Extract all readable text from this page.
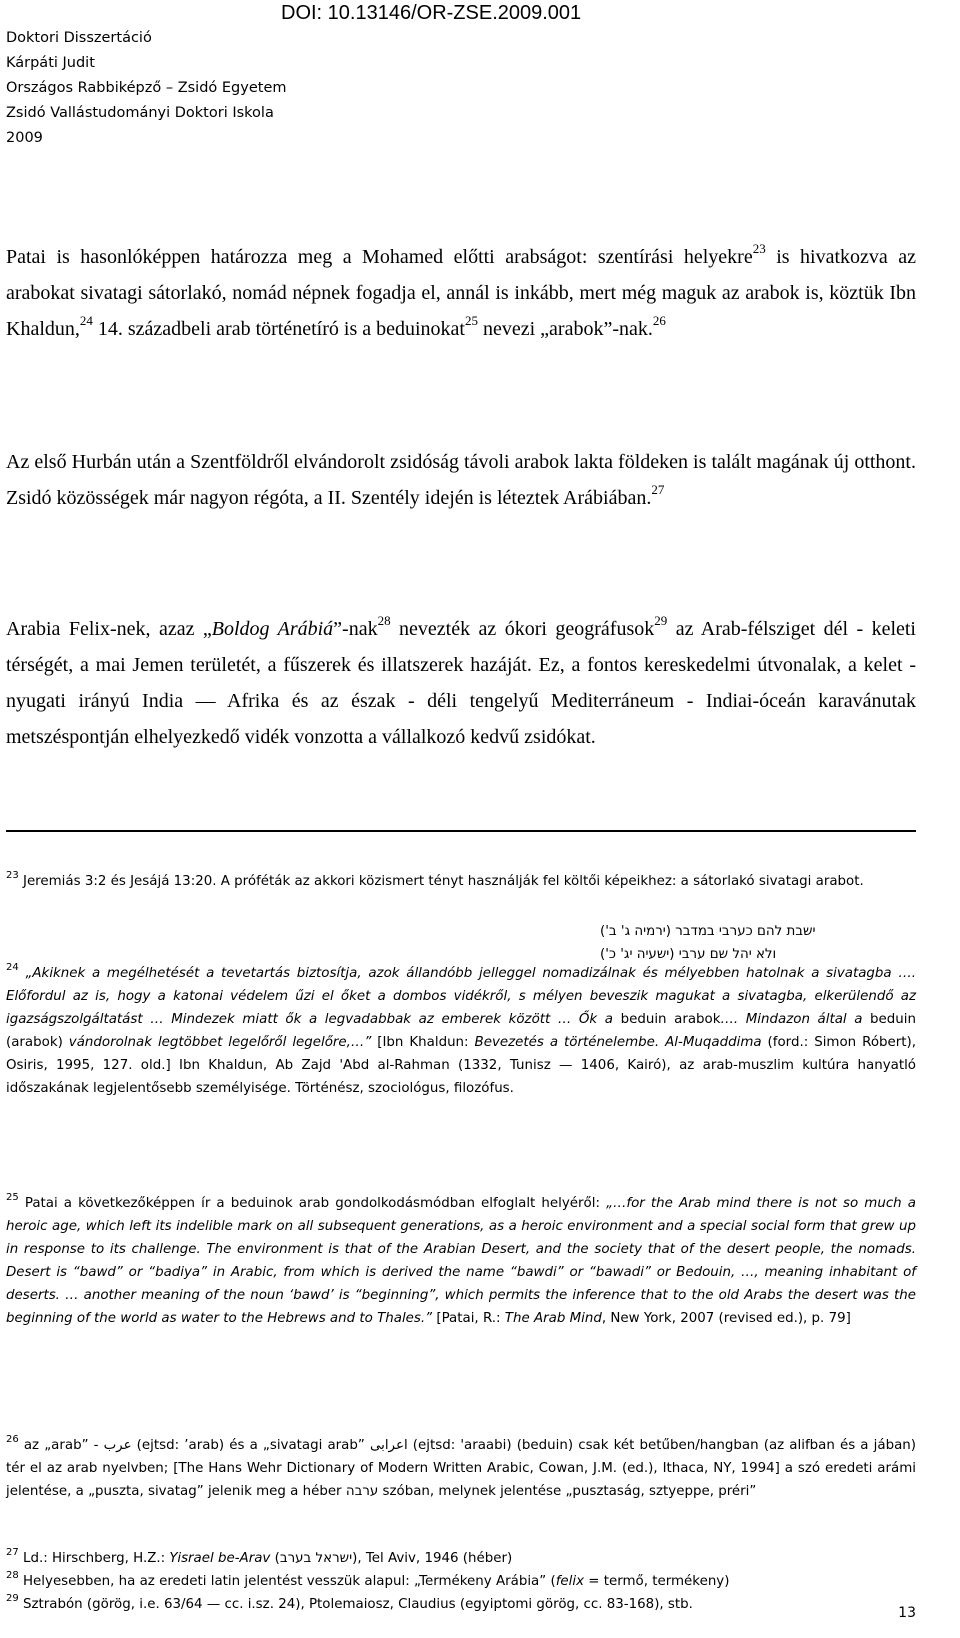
DOI: 10.13146/OR-ZSE.2009.001
Doktori Disszertáció
Kárpáti Judit
Országos Rabbiképző – Zsidó Egyetem
Zsidó Vallástudományi Doktori Iskola
2009
Patai is hasonlóképpen határozza meg a Mohamed előtti arabságot: szentírási helyekre$^{23}$ is hivatkozva az arabokat sivatagi sátorlakó, nomád népnek fogadja el, annál is inkább, mert még maguk az arabok is, köztük Ibn Khaldun,$^{24}$ 14. századbeli arab történetíró is a beduinokat$^{25}$ nevezi „arabok”-nak.$^{26}$
Az első Hurbán után a Szentföldről elvándorolt zsidóság távoli arabok lakta földeken is talált magának új otthont. Zsidó közösségek már nagyon régóta, a II. Szentély idején is léteztek Arábiában.$^{27}$
Arabia Felix-nek, azaz „Boldog Arábiá”-nak$^{28}$ nevezték az ókori geográfusok$^{29}$ az Arab-félsziget dél - keleti térségét, a mai Jemen területét, a fűszerek és illatszerek hazáját. Ez, a fontos kereskedelmi útvonalak, a kelet - nyugati irányú India — Afrika és az észak - déli tengelyű Mediterráneum - Indiai-óceán karavánutak metszéspontján elhelyezkedő vidék vonzotta a vállalkozó kedvű zsidókat.
$^{23}$ Jeremiás 3:2 és Jesájá 13:20. A próféták az akkori közismert tényt használják fel költői képeikhez: a sátorlakó sivatagi arabot.
ישבת להם כערבי במדבר (ירמיה ג' ב')
ולא יהל שם ערבי (ישעיה יג' כ')
$^{24}$ „Akiknek a megélhetését a tevetartás biztosítja, azok állandóbb jelleggel nomadizálnak és mélyebben hatolnak a sivatagba …. Előfordul az is, hogy a katonai védelem űzi el őket a dombos vidékről, s mélyen beveszik magukat a sivatagba, elkerülendő az igazságszolgáltatást … Mindezek miatt ők a legvadabbak az emberek között … Ők a beduin arabok…. Mindazon által a beduin (arabok) vándorolnak legtöbbet legelőről legelőre,…” [Ibn Khaldun: Bevezetés a történelembe. Al-Muqaddima (ford.: Simon Róbert), Osiris, 1995, 127. old.] Ibn Khaldun, Ab Zajd 'Abd al-Rahman (1332, Tunisz — 1406, Kairó), az arab-muszlim kultúra hanyatló időszakának legjelentősebb személyisége. Történész, szociológus, filozófus.
$^{25}$ Patai a következőképpen ír a beduinok arab gondolkodásmódban elfoglalt helyéről: „…for the Arab mind there is not so much a heroic age, which left its indelible mark on all subsequent generations, as a heroic environment and a special social form that grew up in response to its challenge. The environment is that of the Arabian Desert, and the society that of the desert people, the nomads. Desert is “bawd” or “badiya” in Arabic, from which is derived the name “bawdi” or “bawadi” or Bedouin, …, meaning inhabitant of deserts. … another meaning of the noun ‘bawd’ is “beginning”, which permits the inference that to the old Arabs the desert was the beginning of the world as water to the Hebrews and to Thales.” [Patai, R.: The Arab Mind, New York, 2007 (revised ed.), p. 79]
$^{26}$ az „arab” - عرب (ejtsd: ’arab) és a „sivatagi arab” اعرابى (ejtsd: 'araabi) (beduin) csak két betűben/hangban (az alifban és a jában) tér el az arab nyelvben; [The Hans Wehr Dictionary of Modern Written Arabic, Cowan, J.M. (ed.), Ithaca, NY, 1994] a szó eredeti arámi jelentése, a „puszta, sivatag” jelenik meg a héber ערבה szóban, melynek jelentése „pusztaság, sztyeppe, préri”
$^{27}$ Ld.: Hirschberg, H.Z.: Yisrael be-Arav (ישראל בערב), Tel Aviv, 1946 (héber)
$^{28}$ Helyesebben, ha az eredeti latin jelentést vesszük alapul: „Termékeny Arábia” (felix = termő, termékeny)
$^{29}$ Sztrabón (görög, i.e. 63/64 — cc. i.sz. 24), Ptolemaiosz, Claudius (egyiptomi görög, cc. 83-168), stb.
13
